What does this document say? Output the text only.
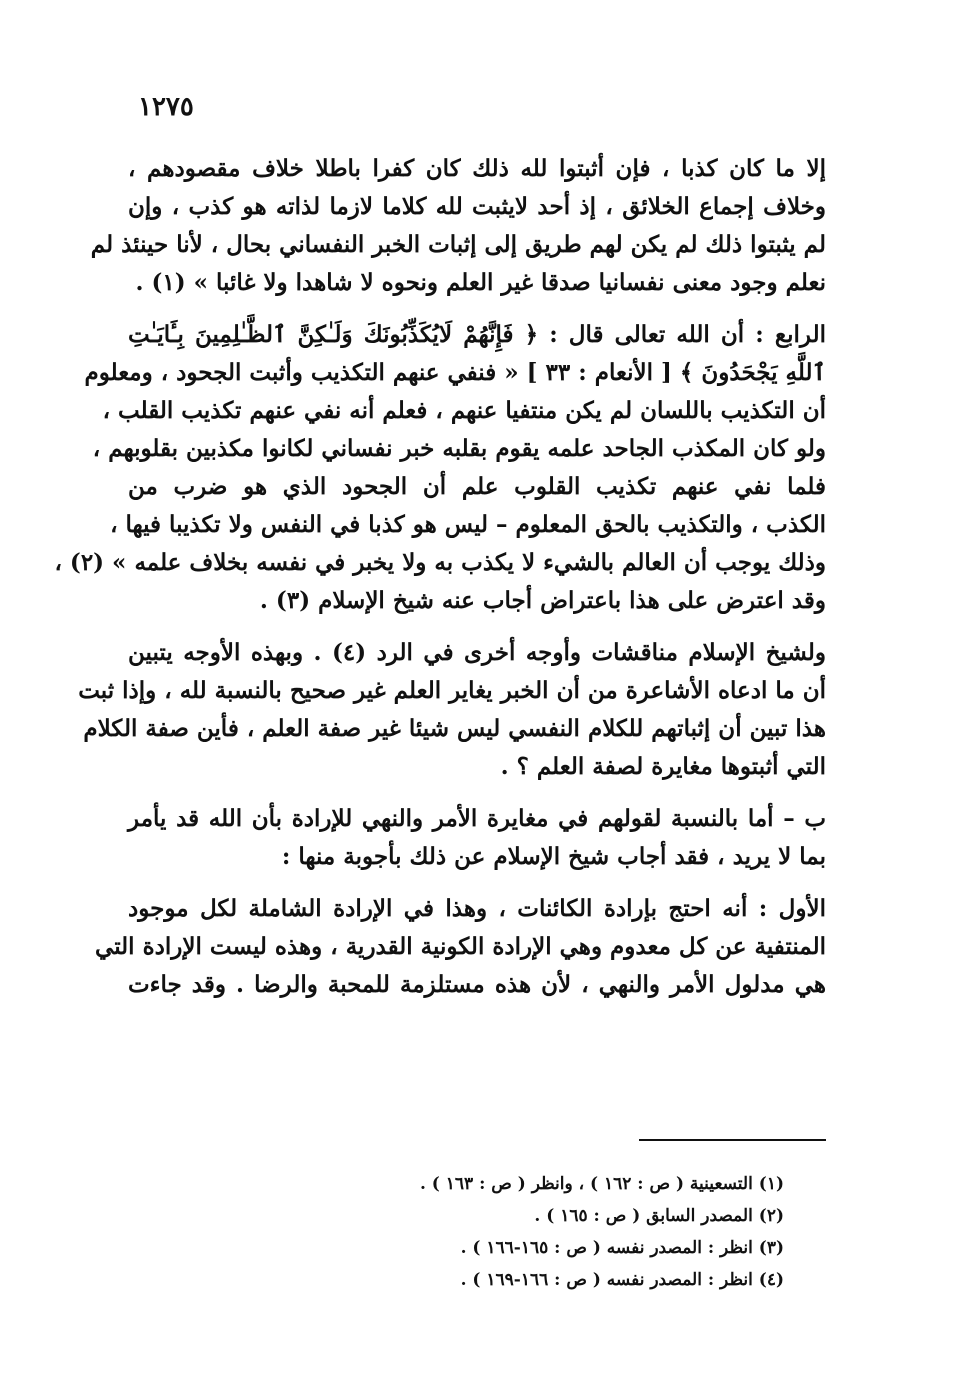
١٢٧٥
إلا ما كان كذبا ، فإن أثبتوا لله ذلك كان كفرا باطلا خلاف مقصودهم ،
وخلاف إجماع الخلائق ، إذ أحد لايثبت لله كلاما لازما لذاته هو كذب ، وإن
لم يثبتوا ذلك لم يكن لهم طريق إلى إثبات الخبر النفساني بحال ، لأنا حينئذ لم
نعلم وجود معنى نفسانيا صدقا غير العلم ونحوه لا شاهدا ولا غائبا » (١) .
الرابع : أن الله تعالى قال : ﴿ فَإِنَّهُمْ لَايُكَذِّبُونَكَ وَلَـٰكِنَّ ٱلظَّـٰلِمِينَ بِـَٔايَـٰتِ
ٱللَّهِ يَجْحَدُونَ ﴾ [ الأنعام : ٣٣ ] « فنفي عنهم التكذيب وأثبت الجحود ، ومعلوم
أن التكذيب باللسان لم يكن منتفيا عنهم ، فعلم أنه نفي عنهم تكذيب القلب ،
ولو كان المكذب الجاحد علمه يقوم بقلبه خبر نفساني لكانوا مكذبين بقلوبهم ،
فلما نفي عنهم تكذيب القلوب علم أن الجحود الذي هو ضرب من
الكذب ، والتكذيب بالحق المعلوم – ليس هو كذبا في النفس ولا تكذيبا فيها ،
وذلك يوجب أن العالم بالشيء لا يكذب به ولا يخبر في نفسه بخلاف علمه » (٢) ،
وقد اعترض على هذا باعتراض أجاب عنه شيخ الإسلام (٣) .
ولشيخ الإسلام مناقشات وأوجه أخرى في الرد (٤) . وبهذه الأوجه يتبين
أن ما ادعاه الأشاعرة من أن الخبر يغاير العلم غير صحيح بالنسبة لله ، وإذا ثبت
هذا تبين أن إثباتهم للكلام النفسي ليس شيئا غير صفة العلم ، فأين صفة الكلام
التي أثبتوها مغايرة لصفة العلم ؟ .
ب – أما بالنسبة لقولهم في مغايرة الأمر والنهي للإرادة بأن الله قد يأمر
بما لا يريد ، فقد أجاب شيخ الإسلام عن ذلك بأجوبة منها :
الأول : أنه احتج بإرادة الكائنات ، وهذا في الإرادة الشاملة لكل موجود
المنتفية عن كل معدوم وهي الإرادة الكونية القدرية ، وهذه ليست الإرادة التي
هي مدلول الأمر والنهي ، لأن هذه مستلزمة للمحبة والرضا . وقد جاءت
(١) التسعينية ( ص : ١٦٢ ) ، وانظر ( ص : ١٦٣ ) .
(٢) المصدر السابق ( ص : ١٦٥ ) .
(٣) انظر : المصدر نفسه ( ص : ١٦٥-١٦٦ ) .
(٤) انظر : المصدر نفسه ( ص : ١٦٦-١٦٩ ) .
